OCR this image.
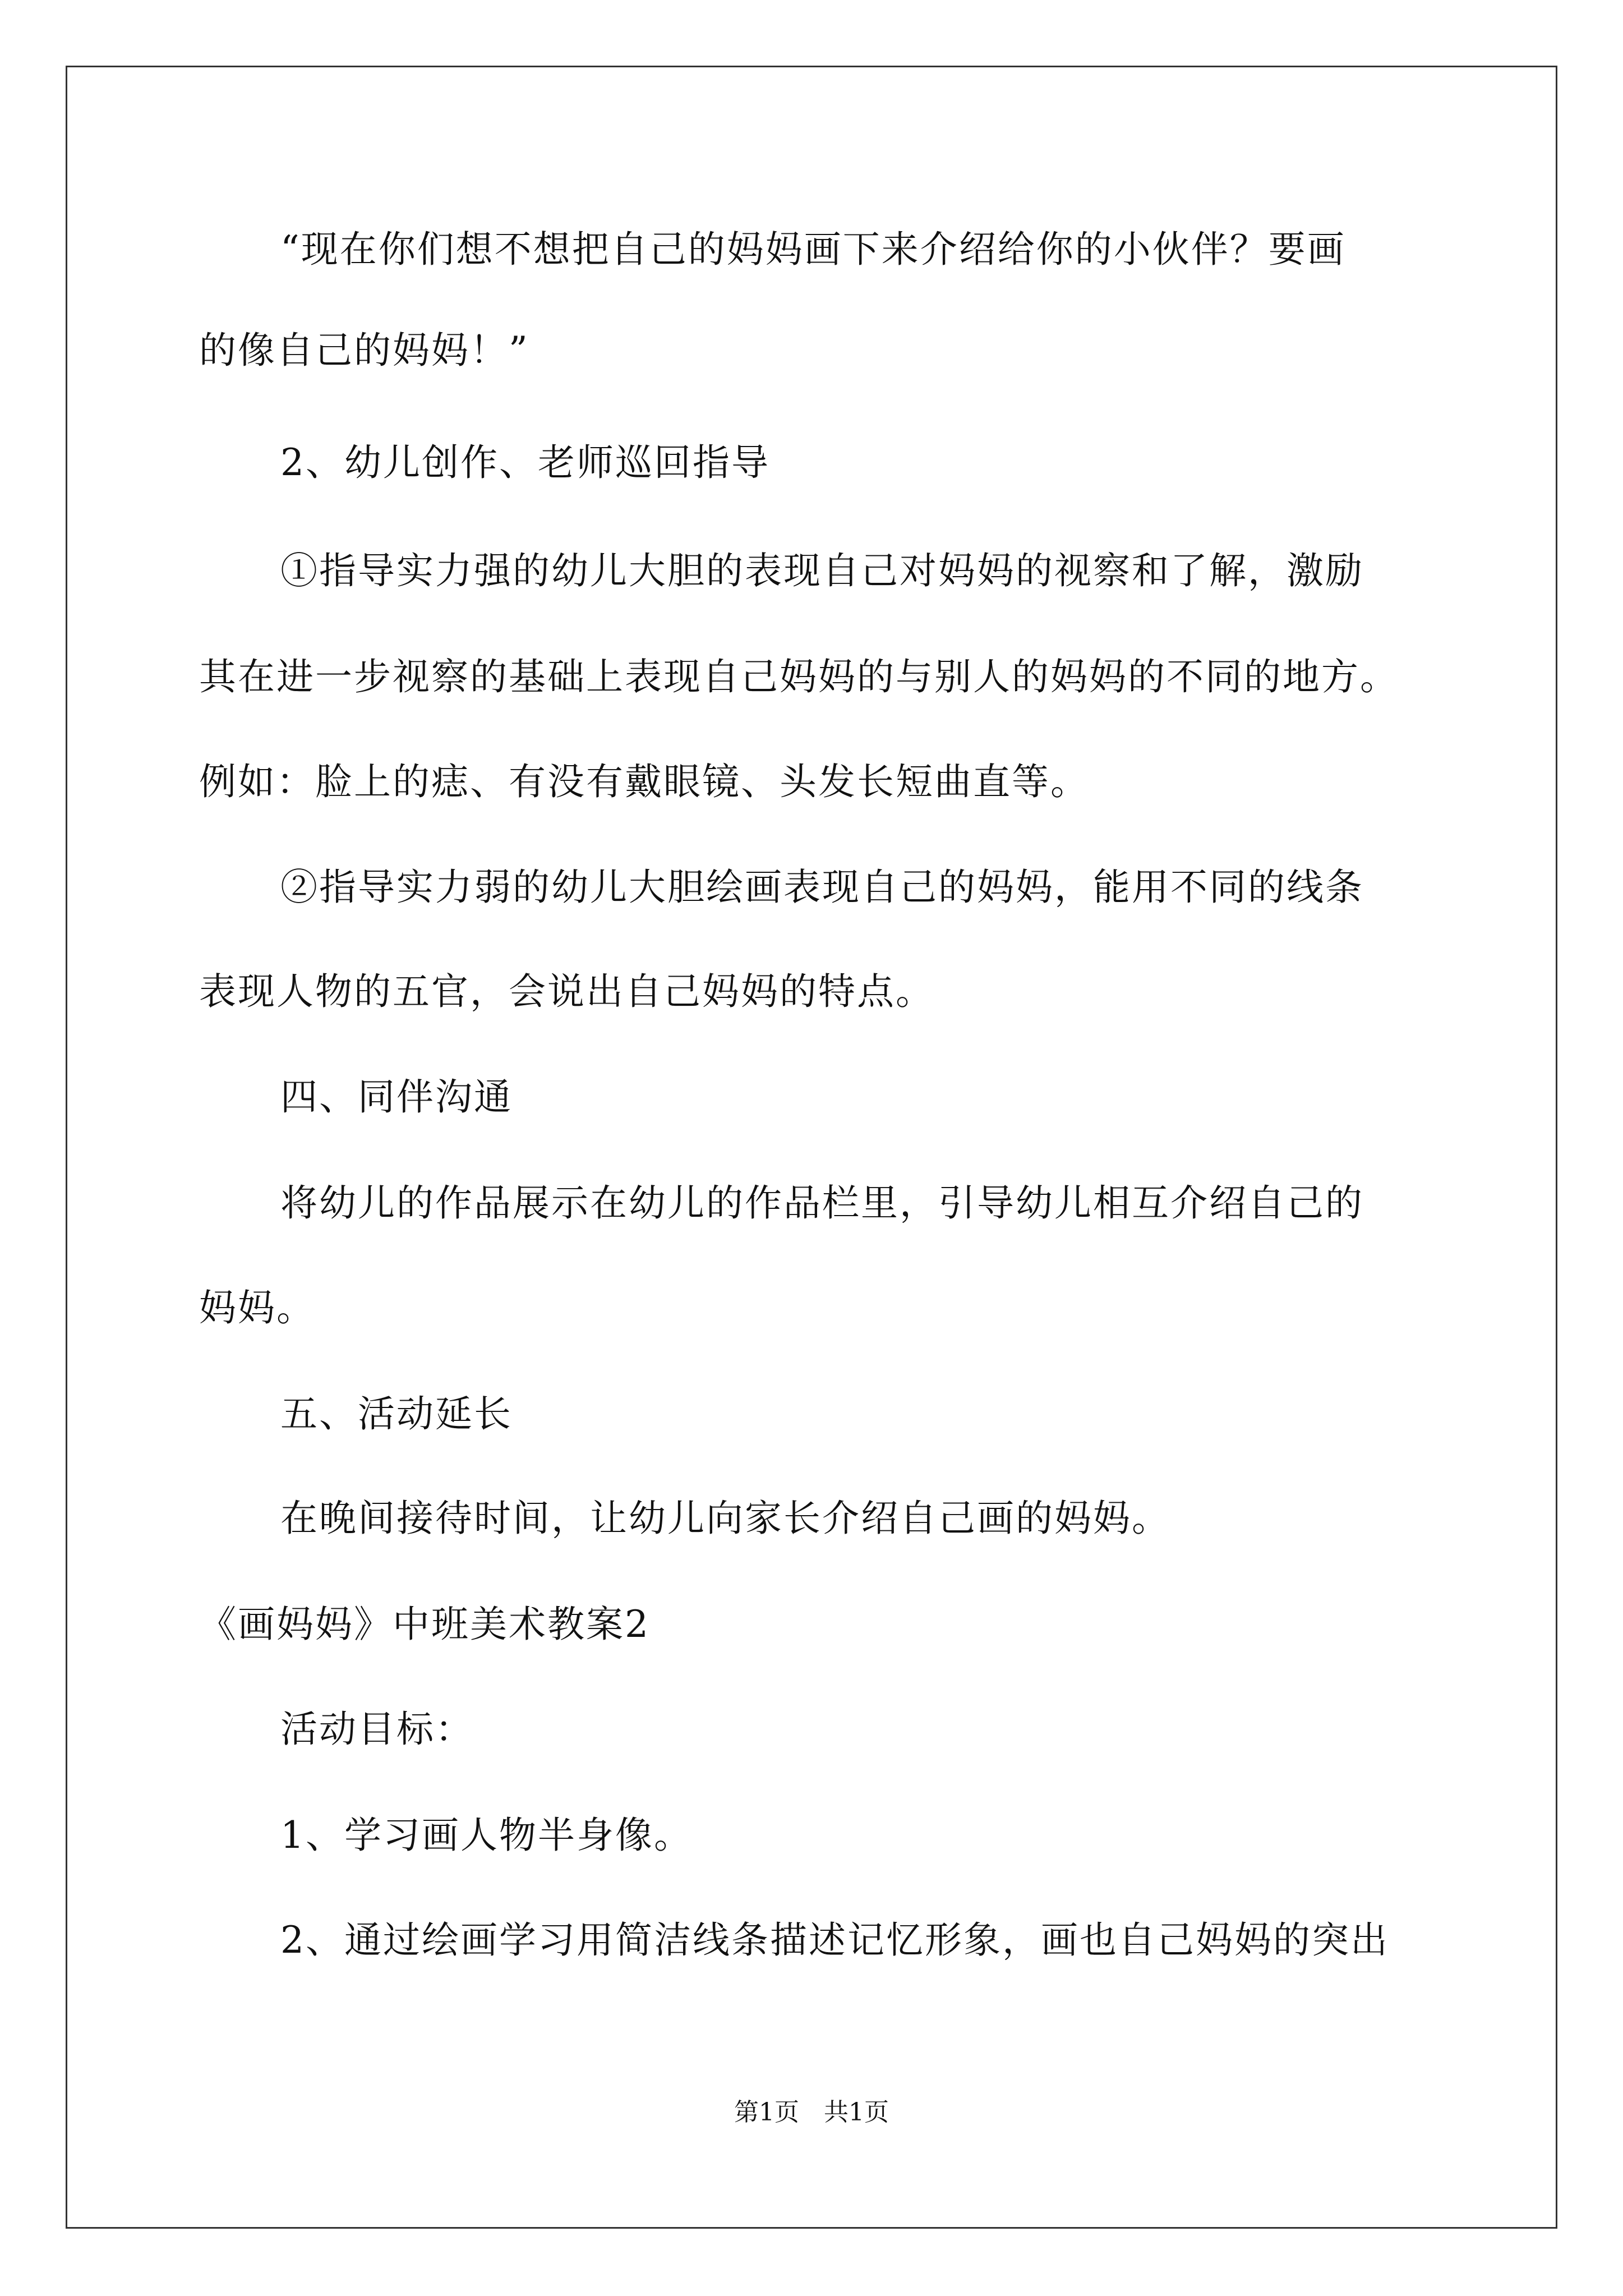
“现在你们想不想把自己的妈妈画下来介绍给你的小伙伴？要画
的像自己的妈妈！”
2、幼儿创作、老师巡回指导
①指导实力强的幼儿大胆的表现自己对妈妈的视察和了解，激励
其在进一步视察的基础上表现自己妈妈的与别人的妈妈的不同的地方。
例如：脸上的痣、有没有戴眼镜、头发长短曲直等。
②指导实力弱的幼儿大胆绘画表现自己的妈妈，能用不同的线条
表现人物的五官，会说出自己妈妈的特点。
四、同伴沟通
将幼儿的作品展示在幼儿的作品栏里，引导幼儿相互介绍自己的
妈妈。
五、活动延长
在晚间接待时间，让幼儿向家长介绍自己画的妈妈。
《画妈妈》中班美术教案2
活动目标：
1、学习画人物半身像。
2、通过绘画学习用简洁线条描述记忆形象，画也自己妈妈的突出
第1页　共1页
